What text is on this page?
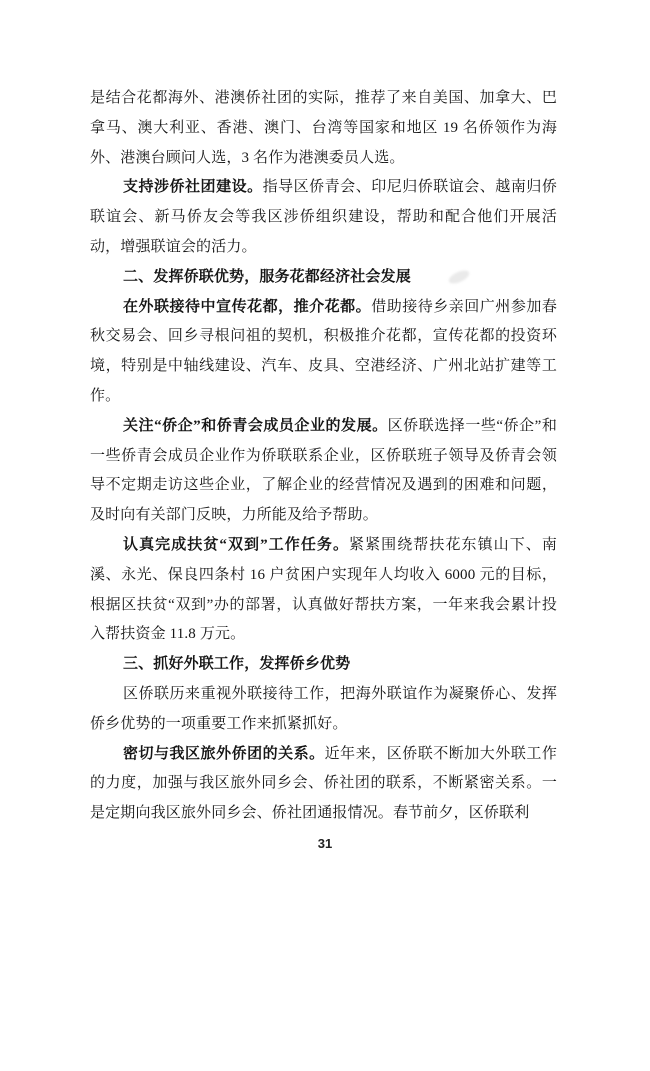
是结合花都海外、港澳侨社团的实际，推荐了来自美国、加拿大、巴拿马、澳大利亚、香港、澳门、台湾等国家和地区 19 名侨领作为海外、港澳台顾问人选，3 名作为港澳委员人选。

支持涉侨社团建设。指导区侨青会、印尼归侨联谊会、越南归侨联谊会、新马侨友会等我区涉侨组织建设，帮助和配合他们开展活动，增强联谊会的活力。

二、发挥侨联优势，服务花都经济社会发展

在外联接待中宣传花都，推介花都。借助接待乡亲回广州参加春秋交易会、回乡寻根问祖的契机，积极推介花都，宣传花都的投资环境，特别是中轴线建设、汽车、皮具、空港经济、广州北站扩建等工作。

关注“侨企”和侨青会成员企业的发展。区侨联选择一些“侨企”和一些侨青会成员企业作为侨联联系企业，区侨联班子领导及侨青会领导不定期走访这些企业，了解企业的经营情况及遇到的困难和问题，及时向有关部门反映，力所能及给予帮助。

认真完成扶贫“双到”工作任务。紧紧围绕帮扶花东镇山下、南溪、永光、保良四条村 16 户贫困户实现年人均收入 6000 元的目标，根据区扶贫“双到”办的部署，认真做好帮扶方案，一年来我会累计投入帮扶资金 11.8 万元。

三、抓好外联工作，发挥侨乡优势

区侨联历来重视外联接待工作，把海外联谊作为凝聚侨心、发挥侨乡优势的一项重要工作来抓紧抓好。

密切与我区旅外侨团的关系。近年来，区侨联不断加大外联工作的力度，加强与我区旅外同乡会、侨社团的联系，不断紧密关系。一是定期向我区旅外同乡会、侨社团通报情况。春节前夕，区侨联利

31
